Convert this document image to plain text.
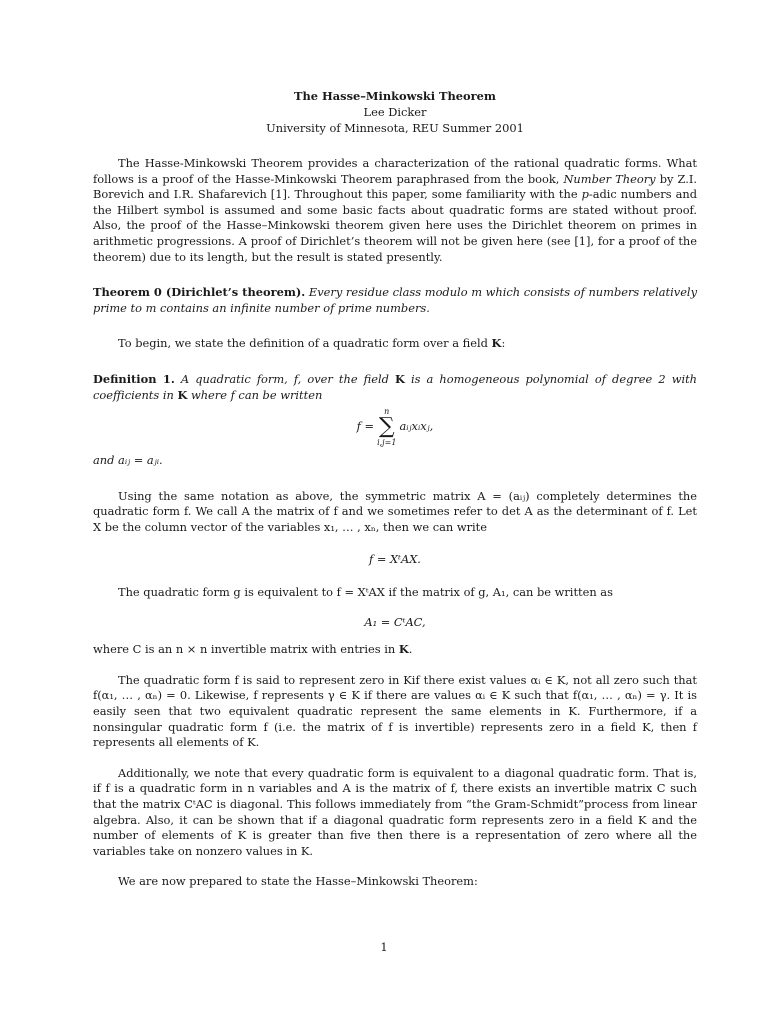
The Hasse–Minkowski Theorem
Lee Dicker
University of Minnesota, REU Summer 2001

The Hasse-Minkowski Theorem provides a characterization of the rational quadratic forms. What follows is a proof of the Hasse-Minkowski Theorem paraphrased from the book, Number Theory by Z.I. Borevich and I.R. Shafarevich [1]. Throughout this paper, some familiarity with the p-adic numbers and the Hilbert symbol is assumed and some basic facts about quadratic forms are stated without proof. Also, the proof of the Hasse–Minkowski theorem given here uses the Dirichlet theorem on primes in arithmetic progressions. A proof of Dirichlet’s theorem will not be given here (see [1], for a proof of the theorem) due to its length, but the result is stated presently.

Theorem 0 (Dirichlet’s theorem). Every residue class modulo m which consists of numbers relatively prime to m contains an infinite number of prime numbers.

To begin, we state the definition of a quadratic form over a field K:

Definition 1. A quadratic form, f, over the field K is a homogeneous polynomial of degree 2 with coefficients in K where f can be written

f =
n
∑
i,j=1
aᵢⱼxᵢxⱼ,

and aᵢⱼ = aⱼᵢ.

Using the same notation as above, the symmetric matrix A = (aᵢⱼ) completely determines the quadratic form f. We call A the matrix of f and we sometimes refer to det A as the determinant of f. Let X be the column vector of the variables x₁, … , xₙ, then we can write

f = XᵗAX.

The quadratic form g is equivalent to f = XᵗAX if the matrix of g, A₁, can be written as

A₁ = CᵗAC,

where C is an n × n invertible matrix with entries in K.

The quadratic form f is said to represent zero in Kif there exist values αᵢ ∈ K, not all zero such that f(α₁, … , αₙ) = 0. Likewise, f represents γ ∈ K if there are values αᵢ ∈ K such that f(α₁, … , αₙ) = γ. It is easily seen that two equivalent quadratic represent the same elements in K. Furthermore, if a nonsingular quadratic form f (i.e. the matrix of f is invertible) represents zero in a field K, then f represents all elements of K.

Additionally, we note that every quadratic form is equivalent to a diagonal quadratic form. That is, if f is a quadratic form in n variables and A is the matrix of f, there exists an invertible matrix C such that the matrix CᵗAC is diagonal. This follows immediately from “the Gram-Schmidt”process from linear algebra. Also, it can be shown that if a diagonal quadratic form represents zero in a field K and the number of elements of K is greater than five then there is a representation of zero where all the variables take on nonzero values in K.

We are now prepared to state the Hasse–Minkowski Theorem:

1
